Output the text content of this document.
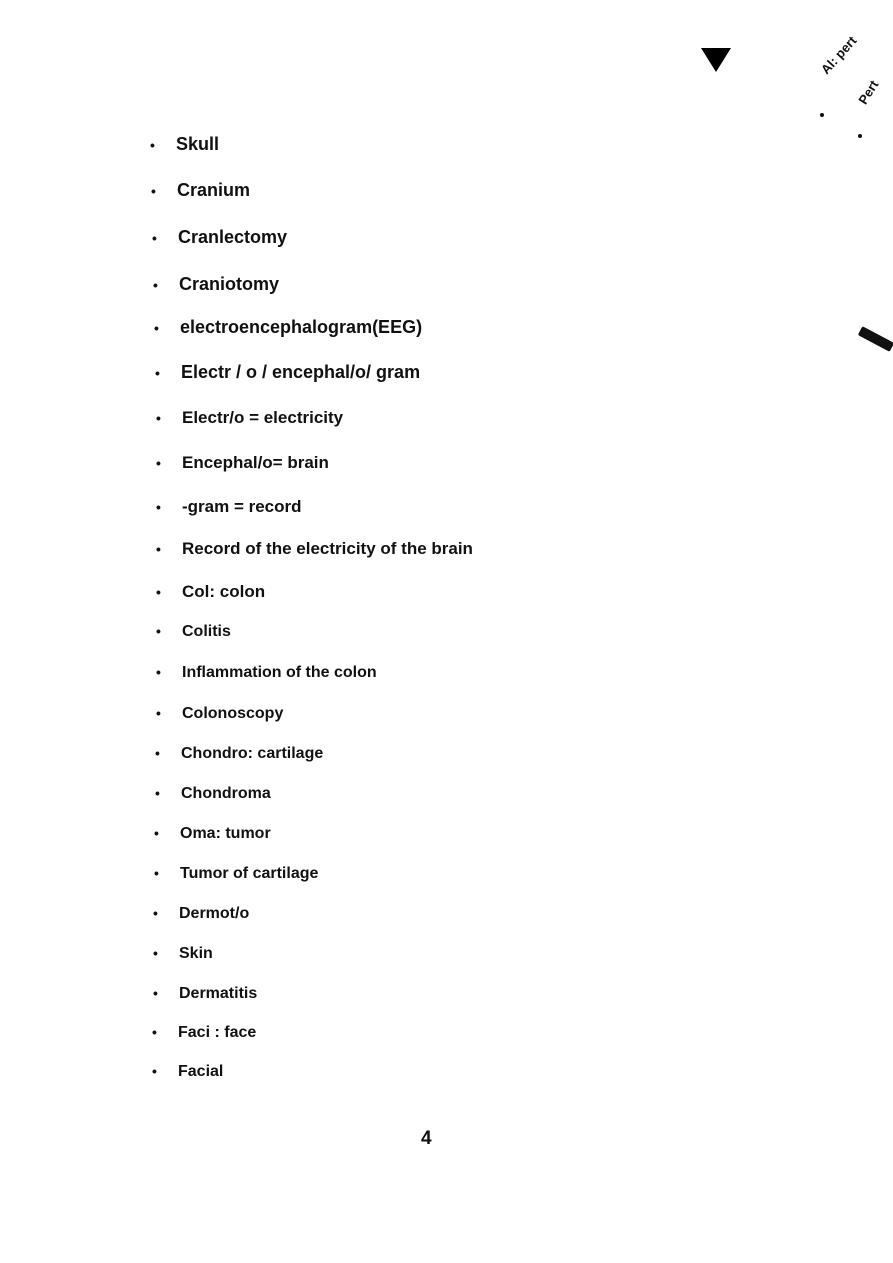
Al: pert
Pert
• Skull
• Cranium
• Cranlectomy
• Craniotomy
• electroencephalogram(EEG)
• Electr / o / encephal/o/ gram
• Electr/o = electricity
• Encephal/o= brain
• -gram = record
• Record of the electricity of the brain
• Col: colon
• Colitis
• Inflammation of the colon
• Colonoscopy
• Chondro: cartilage
• Chondroma
• Oma: tumor
• Tumor of cartilage
• Dermot/o
• Skin
• Dermatitis
• Faci : face
• Facial
4
